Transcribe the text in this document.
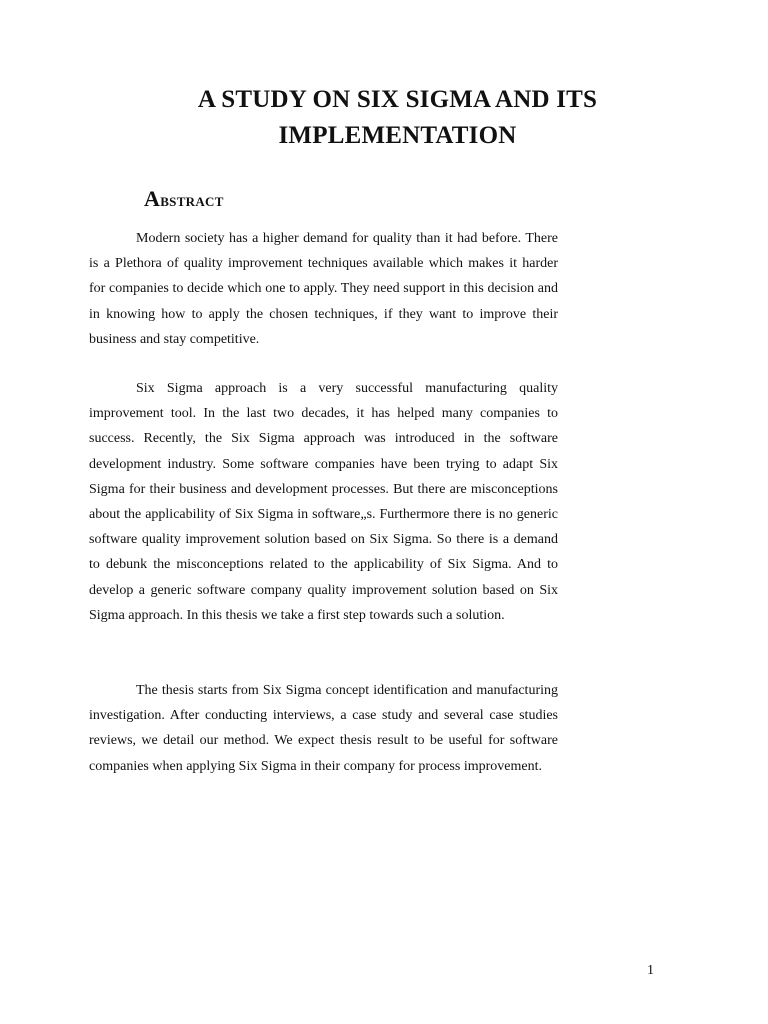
A STUDY ON SIX SIGMA AND ITS
IMPLEMENTATION
Abstract

Modern society has a higher demand for quality than it had before. There is a Plethora of quality improvement techniques available which makes it harder for companies to decide which one to apply. They need support in this decision and in knowing how to apply the chosen techniques, if they want to improve their business and stay competitive.

Six Sigma approach is a very successful manufacturing quality improvement tool. In the last two decades, it has helped many companies to success. Recently, the Six Sigma approach was introduced in the software development industry. Some software companies have been trying to adapt Six Sigma for their business and development processes. But there are misconceptions about the applicability of Six Sigma in software„s. Furthermore there is no generic software quality improvement solution based on Six Sigma. So there is a demand to debunk the misconceptions related to the applicability of Six Sigma. And to develop a generic software company quality improvement solution based on Six Sigma approach. In this thesis we take a first step towards such a solution.

The thesis starts from Six Sigma concept identification and manufacturing investigation. After conducting interviews, a case study and several case studies reviews, we detail our method. We expect thesis result to be useful for software companies when applying Six Sigma in their company for process improvement.

1
